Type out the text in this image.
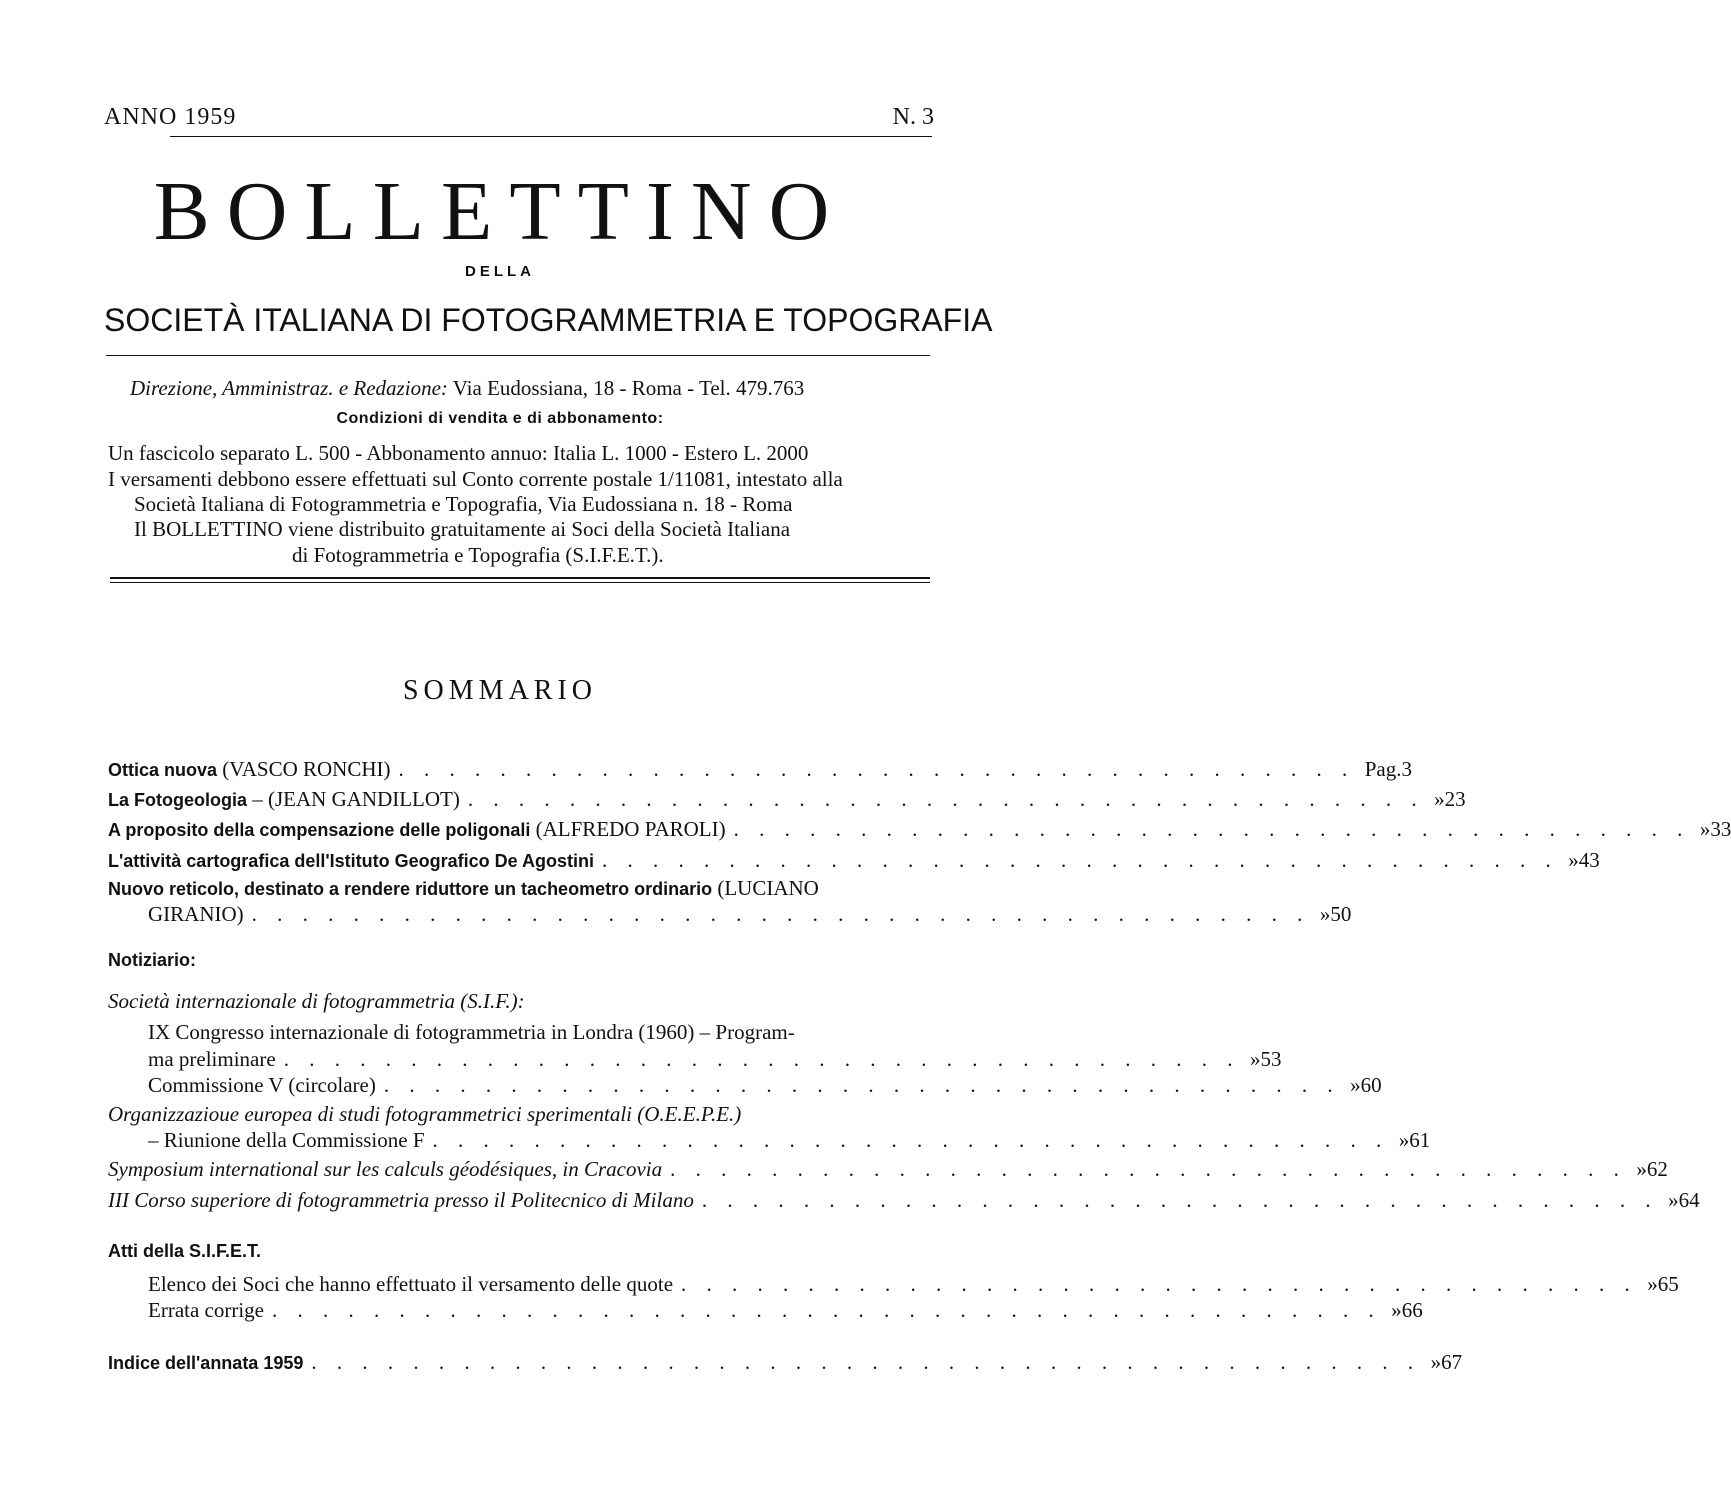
ANNO 1959	N. 3
BOLLETTINO
DELLA
SOCIETÀ ITALIANA DI FOTOGRAMMETRIA E TOPOGRAFIA
Direzione, Amministraz. e Redazione: Via Eudossiana, 18 - Roma - Tel. 479.763
Condizioni di vendita e di abbonamento:
Un fascicolo separato L. 500 - Abbonamento annuo: Italia L. 1000 - Estero L. 2000
I versamenti debbono essere effettuati sul Conto corrente postale 1/11081, intestato alla
Società Italiana di Fotogrammetria e Topografia, Via Eudossiana n. 18 - Roma
Il BOLLETTINO viene distribuito gratuitamente ai Soci della Società Italiana
di Fotogrammetria e Topografia (S.I.F.E.T.).
SOMMARIO
Ottica nuova (VASCO RONCHI) . . . . . . . . . . . . . . . . . . . . . . . . . . . . . . . . . . . . . . Pag. 3
La Fotogeologia – (JEAN GANDILLOT) . . . . . . . . . . . . . . . . . . . . . . . . . . . . . . . . . . . . . . » 23
A proposito della compensazione delle poligonali (ALFREDO PAROLI) . . . . . . . . . . . . . . . . . . . . . . . . . . . . . . . . . . . . . . » 33
L'attività cartografica dell'Istituto Geografico De Agostini . . . . . . . . . . . . . . . . . . . . . . . . . . . . . . . . . . . . . . » 43
Nuovo reticolo, destinato a rendere riduttore un tacheometro ordinario (LUCIANO
GIRANIO) . . . . . . . . . . . . . . . . . . . . . . . . . . . . . . . . . . . . . . . . . . » 50
Notiziario:
Società internazionale di fotogrammetria (S.I.F.):
IX Congresso internazionale di fotogrammetria in Londra (1960) – Program-
ma preliminare . . . . . . . . . . . . . . . . . . . . . . . . . . . . . . . . . . . . . . » 53
Commissione V (circolare) . . . . . . . . . . . . . . . . . . . . . . . . . . . . . . . . . . . . . . » 60
Organizzazioue europea di studi fotogrammetrici sperimentali (O.E.E.P.E.)
– Riunione della Commissione F . . . . . . . . . . . . . . . . . . . . . . . . . . . . . . . . . . . . . . » 61
Symposium international sur les calculs géodésiques, in Cracovia . . . . . . . . . . . . . . . . . . . . . . . . . . . . . . . . . . . . . . » 62
III Corso superiore di fotogrammetria presso il Politecnico di Milano . . . . . . . . . . . . . . . . . . . . . . . . . . . . . . . . . . . . . . » 64
Atti della S.I.F.E.T.
Elenco dei Soci che hanno effettuato il versamento delle quote . . . . . . . . . . . . . . . . . . . . . . . . . . . . . . . . . . . . . . » 65
Errata corrige . . . . . . . . . . . . . . . . . . . . . . . . . . . . . . . . . . . . . . . . . . . . » 66
Indice dell'annata 1959 . . . . . . . . . . . . . . . . . . . . . . . . . . . . . . . . . . . . . . . . . . . . » 67
